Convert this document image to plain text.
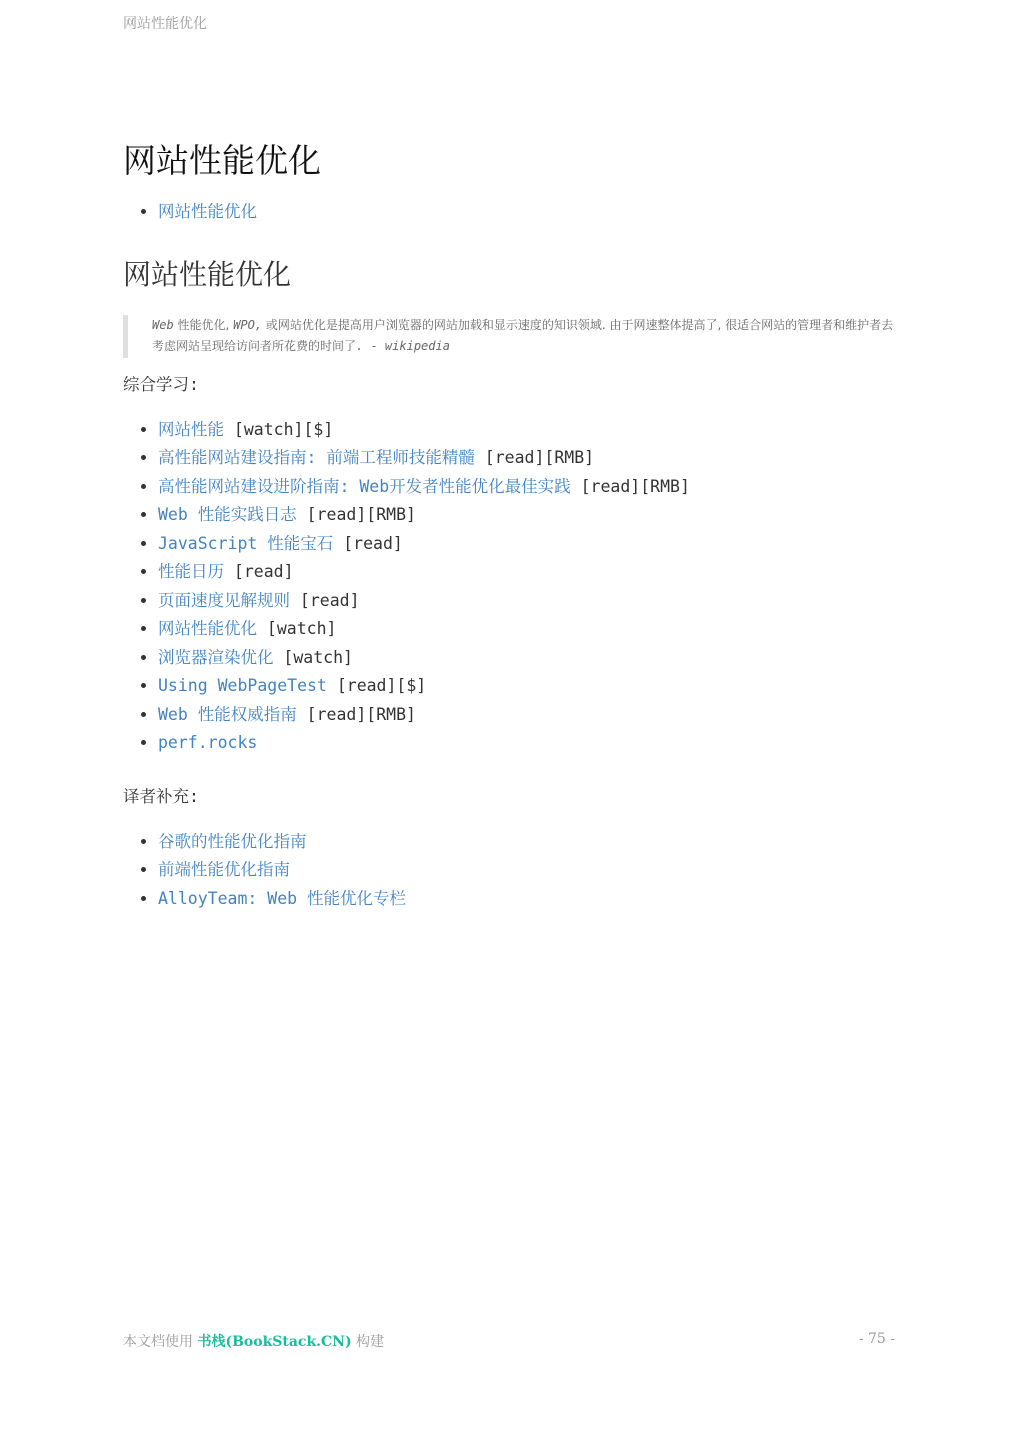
网站性能优化
网站性能优化
• 网站性能优化
网站性能优化
Web 性能优化, WPO, 或网站优化是提高用户浏览器的网站加载和显示速度的知识领域. 由于网速整体提高了, 很适合网站的管理者和维护者去考虑网站呈现给访问者所花费的时间了. - wikipedia

综合学习:

• 网站性能 [watch][$]
• 高性能网站建设指南: 前端工程师技能精髓 [read][RMB]
• 高性能网站建设进阶指南: Web开发者性能优化最佳实践 [read][RMB]
• Web 性能实践日志 [read][RMB]
• JavaScript 性能宝石 [read]
• 性能日历 [read]
• 页面速度见解规则 [read]
• 网站性能优化 [watch]
• 浏览器渲染优化 [watch]
• Using WebPageTest [read][$]
• Web 性能权威指南 [read][RMB]
• perf.rocks

译者补充:

• 谷歌的性能优化指南
• 前端性能优化指南
• AlloyTeam: Web 性能优化专栏
本文档使用 书栈(BookStack.CN) 构建	- 75 -
